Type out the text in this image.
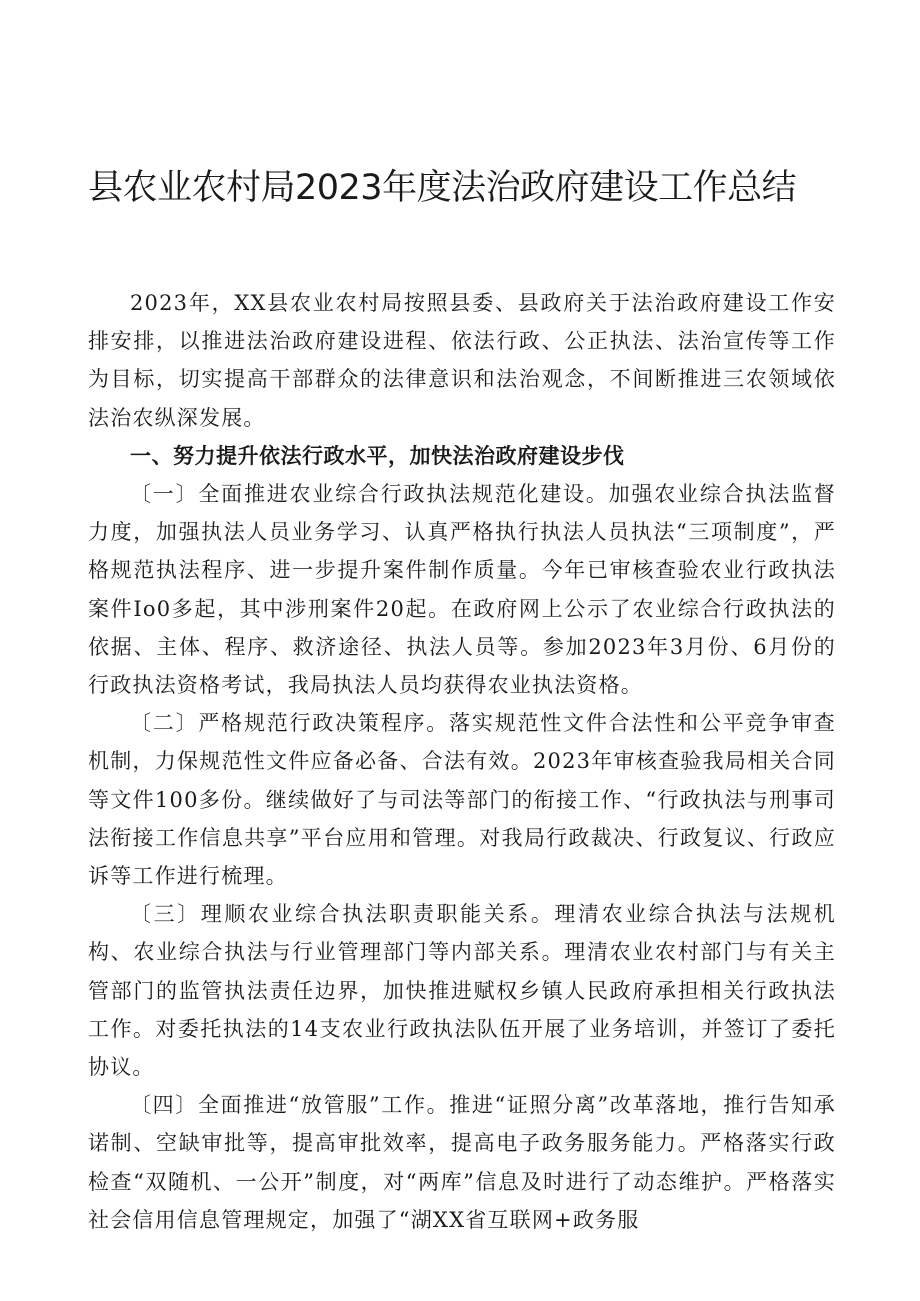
县农业农村局2023年度法治政府建设工作总结

2023年，XX县农业农村局按照县委、县政府关于法治政府建设工作安排安排，以推进法治政府建设进程、依法行政、公正执法、法治宣传等工作为目标，切实提高干部群众的法律意识和法治观念，不间断推进三农领域依法治农纵深发展。

一、努力提升依法行政水平，加快法治政府建设步伐

〔一〕全面推进农业综合行政执法规范化建设。加强农业综合执法监督力度，加强执法人员业务学习、认真严格执行执法人员执法“三项制度”，严格规范执法程序、进一步提升案件制作质量。今年已审核查验农业行政执法案件Io0多起，其中涉刑案件20起。在政府网上公示了农业综合行政执法的依据、主体、程序、救济途径、执法人员等。参加2023年3月份、6月份的行政执法资格考试，我局执法人员均获得农业执法资格。

〔二〕严格规范行政决策程序。落实规范性文件合法性和公平竞争审查机制，力保规范性文件应备必备、合法有效。2023年审核查验我局相关合同等文件100多份。继续做好了与司法等部门的衔接工作、“行政执法与刑事司法衔接工作信息共享”平台应用和管理。对我局行政裁决、行政复议、行政应诉等工作进行梳理。

〔三〕理顺农业综合执法职责职能关系。理清农业综合执法与法规机构、农业综合执法与行业管理部门等内部关系。理清农业农村部门与有关主管部门的监管执法责任边界，加快推进赋权乡镇人民政府承担相关行政执法工作。对委托执法的14支农业行政执法队伍开展了业务培训，并签订了委托协议。

〔四〕全面推进“放管服”工作。推进“证照分离”改革落地，推行告知承诺制、空缺审批等，提高审批效率，提高电子政务服务能力。严格落实行政检查“双随机、一公开”制度，对“两库”信息及时进行了动态维护。严格落实社会信用信息管理规定，加强了“湖XX省互联网+政务服
